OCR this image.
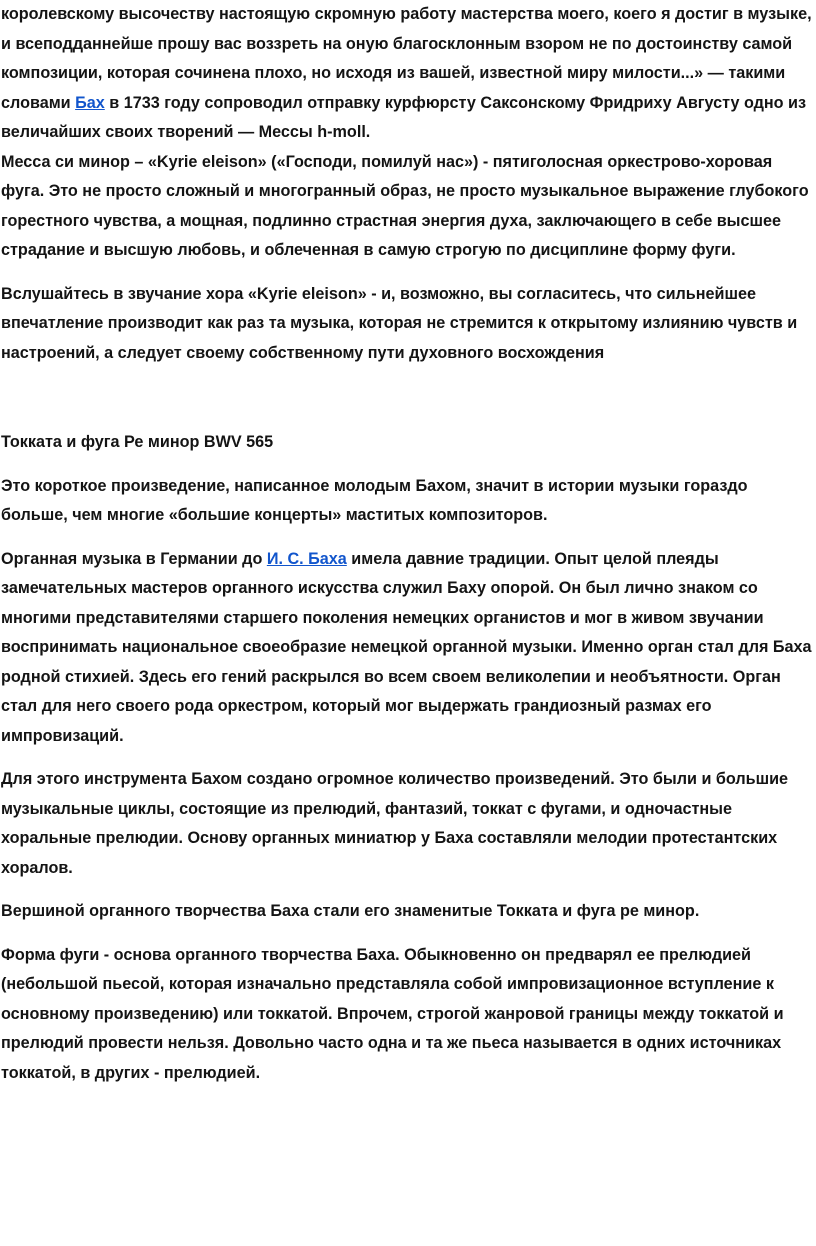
королевскому высочеству настоящую скромную работу мастерства моего, коего я достиг в музыке, и всеподданнейше прошу вас воззреть на оную благосклонным взором не по достоинству самой композиции, которая сочинена плохо, но исходя из вашей, известной миру милости...» — такими словами Бах в 1733 году сопроводил отправку курфюрсту Саксонскому Фридриху Августу одно из величайших своих творений — Мессы h-moll.

Месса си минор – «Kyrie eleison» («Господи, помилуй нас») - пятиголосная оркестрово-хоровая фуга. Это не просто сложный и многогранный образ, не просто музыкальное выражение глубокого горестного чувства, а мощная, подлинно страстная энергия духа, заключающего в себе высшее страдание и высшую любовь, и облеченная в самую строгую по дисциплине форму фуги.

Вслушайтесь в звучание хора «Kyrie eleison» - и, возможно, вы согласитесь, что сильнейшее впечатление производит как раз та музыка, которая не стремится к открытому излиянию чувств и настроений, а следует своему собственному пути духовного восхождения

Токката и фуга Ре минор BWV 565

Это короткое произведение, написанное молодым Бахом, значит в истории музыки гораздо больше, чем многие «большие концерты» маститых композиторов.

Органная музыка в Германии до И. С. Баха имела давние традиции. Опыт целой плеяды замечательных мастеров органного искусства служил Баху опорой. Он был лично знаком со многими представителями старшего поколения немецких органистов и мог в живом звучании воспринимать национальное своеобразие немецкой органной музыки. Именно орган стал для Баха родной стихией. Здесь его гений раскрылся во всем своем великолепии и необъятности. Орган стал для него своего рода оркестром, который мог выдержать грандиозный размах его импровизаций.

Для этого инструмента Бахом создано огромное количество произведений. Это были и большие музыкальные циклы, состоящие из прелюдий, фантазий, токкат с фугами, и одночастные хоральные прелюдии. Основу органных миниатюр у Баха составляли мелодии протестантских хоралов.

Вершиной органного творчества Баха стали его знаменитые Токката и фуга ре минор.

Форма фуги - основа органного творчества Баха. Обыкновенно он предварял ее прелюдией (небольшой пьесой, которая изначально представляла собой импровизационное вступление к основному произведению) или токкатой. Впрочем, строгой жанровой границы между токкатой и прелюдий провести нельзя. Довольно часто одна и та же пьеса называется в одних источниках токкатой, в других - прелюдией.
